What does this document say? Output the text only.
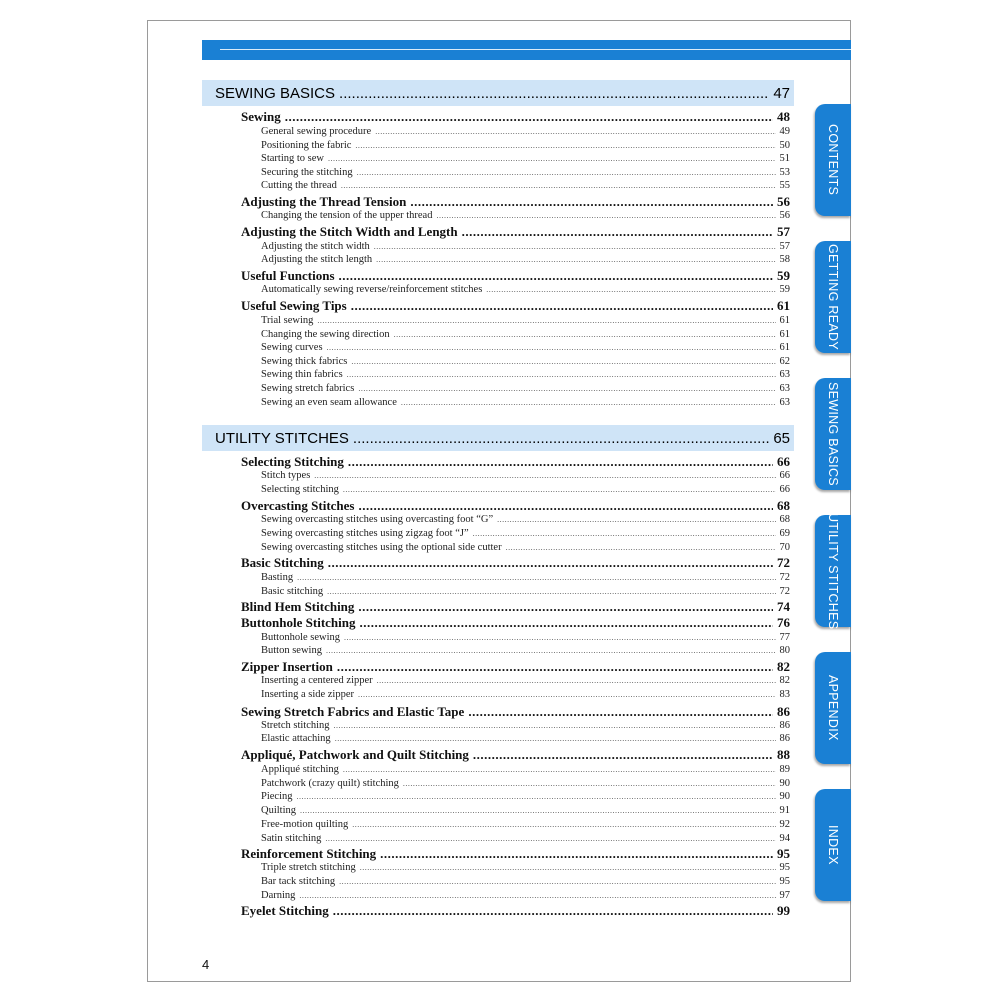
SEWING BASICS .....	47
Sewing .....	48
General sewing procedure .....	49
Positioning the fabric .....	50
Starting to sew .....	51
Securing the stitching .....	53
Cutting the thread .....	55
Adjusting the Thread Tension .....	56
Changing the tension of the upper thread .....	56
Adjusting the Stitch Width and Length .....	57
Adjusting the stitch width .....	57
Adjusting the stitch length .....	58
Useful Functions .....	59
Automatically sewing reverse/reinforcement stitches .....	59
Useful Sewing Tips .....	61
Trial sewing .....	61
Changing the sewing direction .....	61
Sewing curves .....	61
Sewing thick fabrics .....	62
Sewing thin fabrics .....	63
Sewing stretch fabrics .....	63
Sewing an even seam allowance .....	63
UTILITY STITCHES .....	65
Selecting Stitching .....	66
Stitch types .....	66
Selecting stitching .....	66
Overcasting Stitches .....	68
Sewing overcasting stitches using overcasting foot “G” .....	68
Sewing overcasting stitches using zigzag foot “J” .....	69
Sewing overcasting stitches using the optional side cutter .....	70
Basic Stitching .....	72
Basting .....	72
Basic stitching .....	72
Blind Hem Stitching .....	74
Buttonhole Stitching .....	76
Buttonhole sewing .....	77
Button sewing .....	80
Zipper Insertion .....	82
Inserting a centered zipper .....	82
Inserting a side zipper .....	83
Sewing Stretch Fabrics and Elastic Tape .....	86
Stretch stitching .....	86
Elastic attaching .....	86
Appliqué, Patchwork and Quilt Stitching .....	88
Appliqué stitching .....	89
Patchwork (crazy quilt) stitching .....	90
Piecing .....	90
Quilting .....	91
Free-motion quilting .....	92
Satin stitching .....	94
Reinforcement Stitching .....	95
Triple stretch stitching .....	95
Bar tack stitching .....	95
Darning .....	97
Eyelet Stitching .....	99
CONTENTS
GETTING READY
SEWING BASICS
UTILITY STITCHES
APPENDIX
INDEX
4
